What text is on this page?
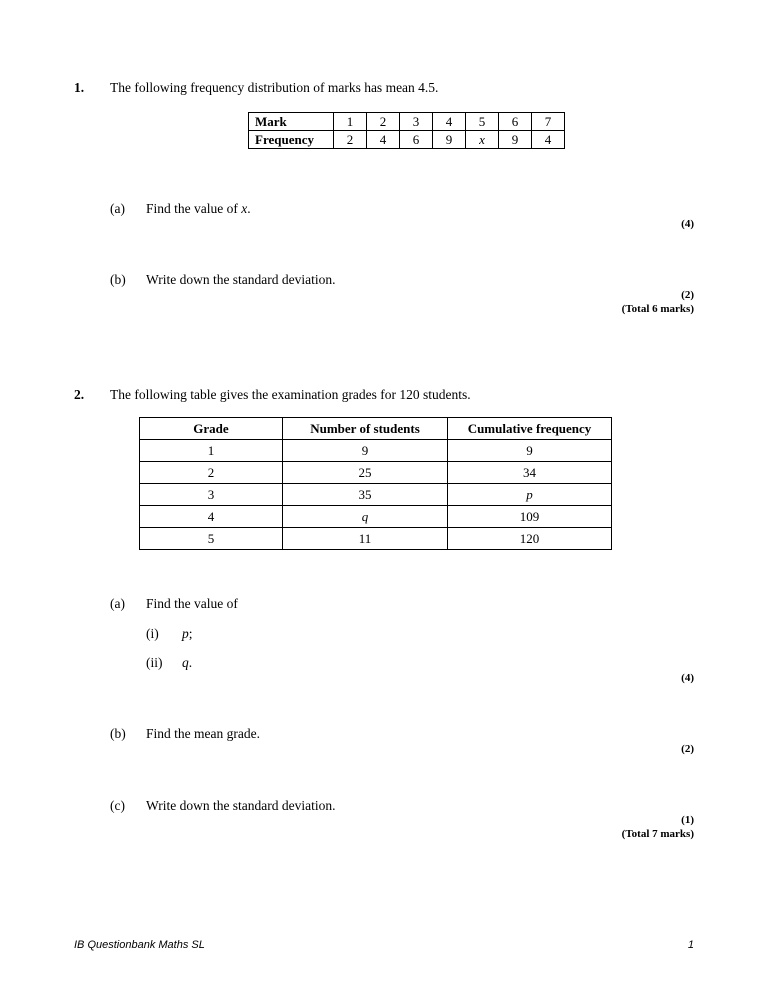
1. The following frequency distribution of marks has mean 4.5.
Mark	1	2	3	4	5	6	7
Frequency	2	4	6	9	x	9	4
(a) Find the value of x.
(4)
(b) Write down the standard deviation.
(2)
(Total 6 marks)
2. The following table gives the examination grades for 120 students.
Grade	Number of students	Cumulative frequency
1	9	9
2	25	34
3	35	p
4	q	109
5	11	120
(a) Find the value of
(i) p;
(ii) q.
(4)
(b) Find the mean grade.
(2)
(c) Write down the standard deviation.
(1)
(Total 7 marks)
IB Questionbank Maths SL	1
